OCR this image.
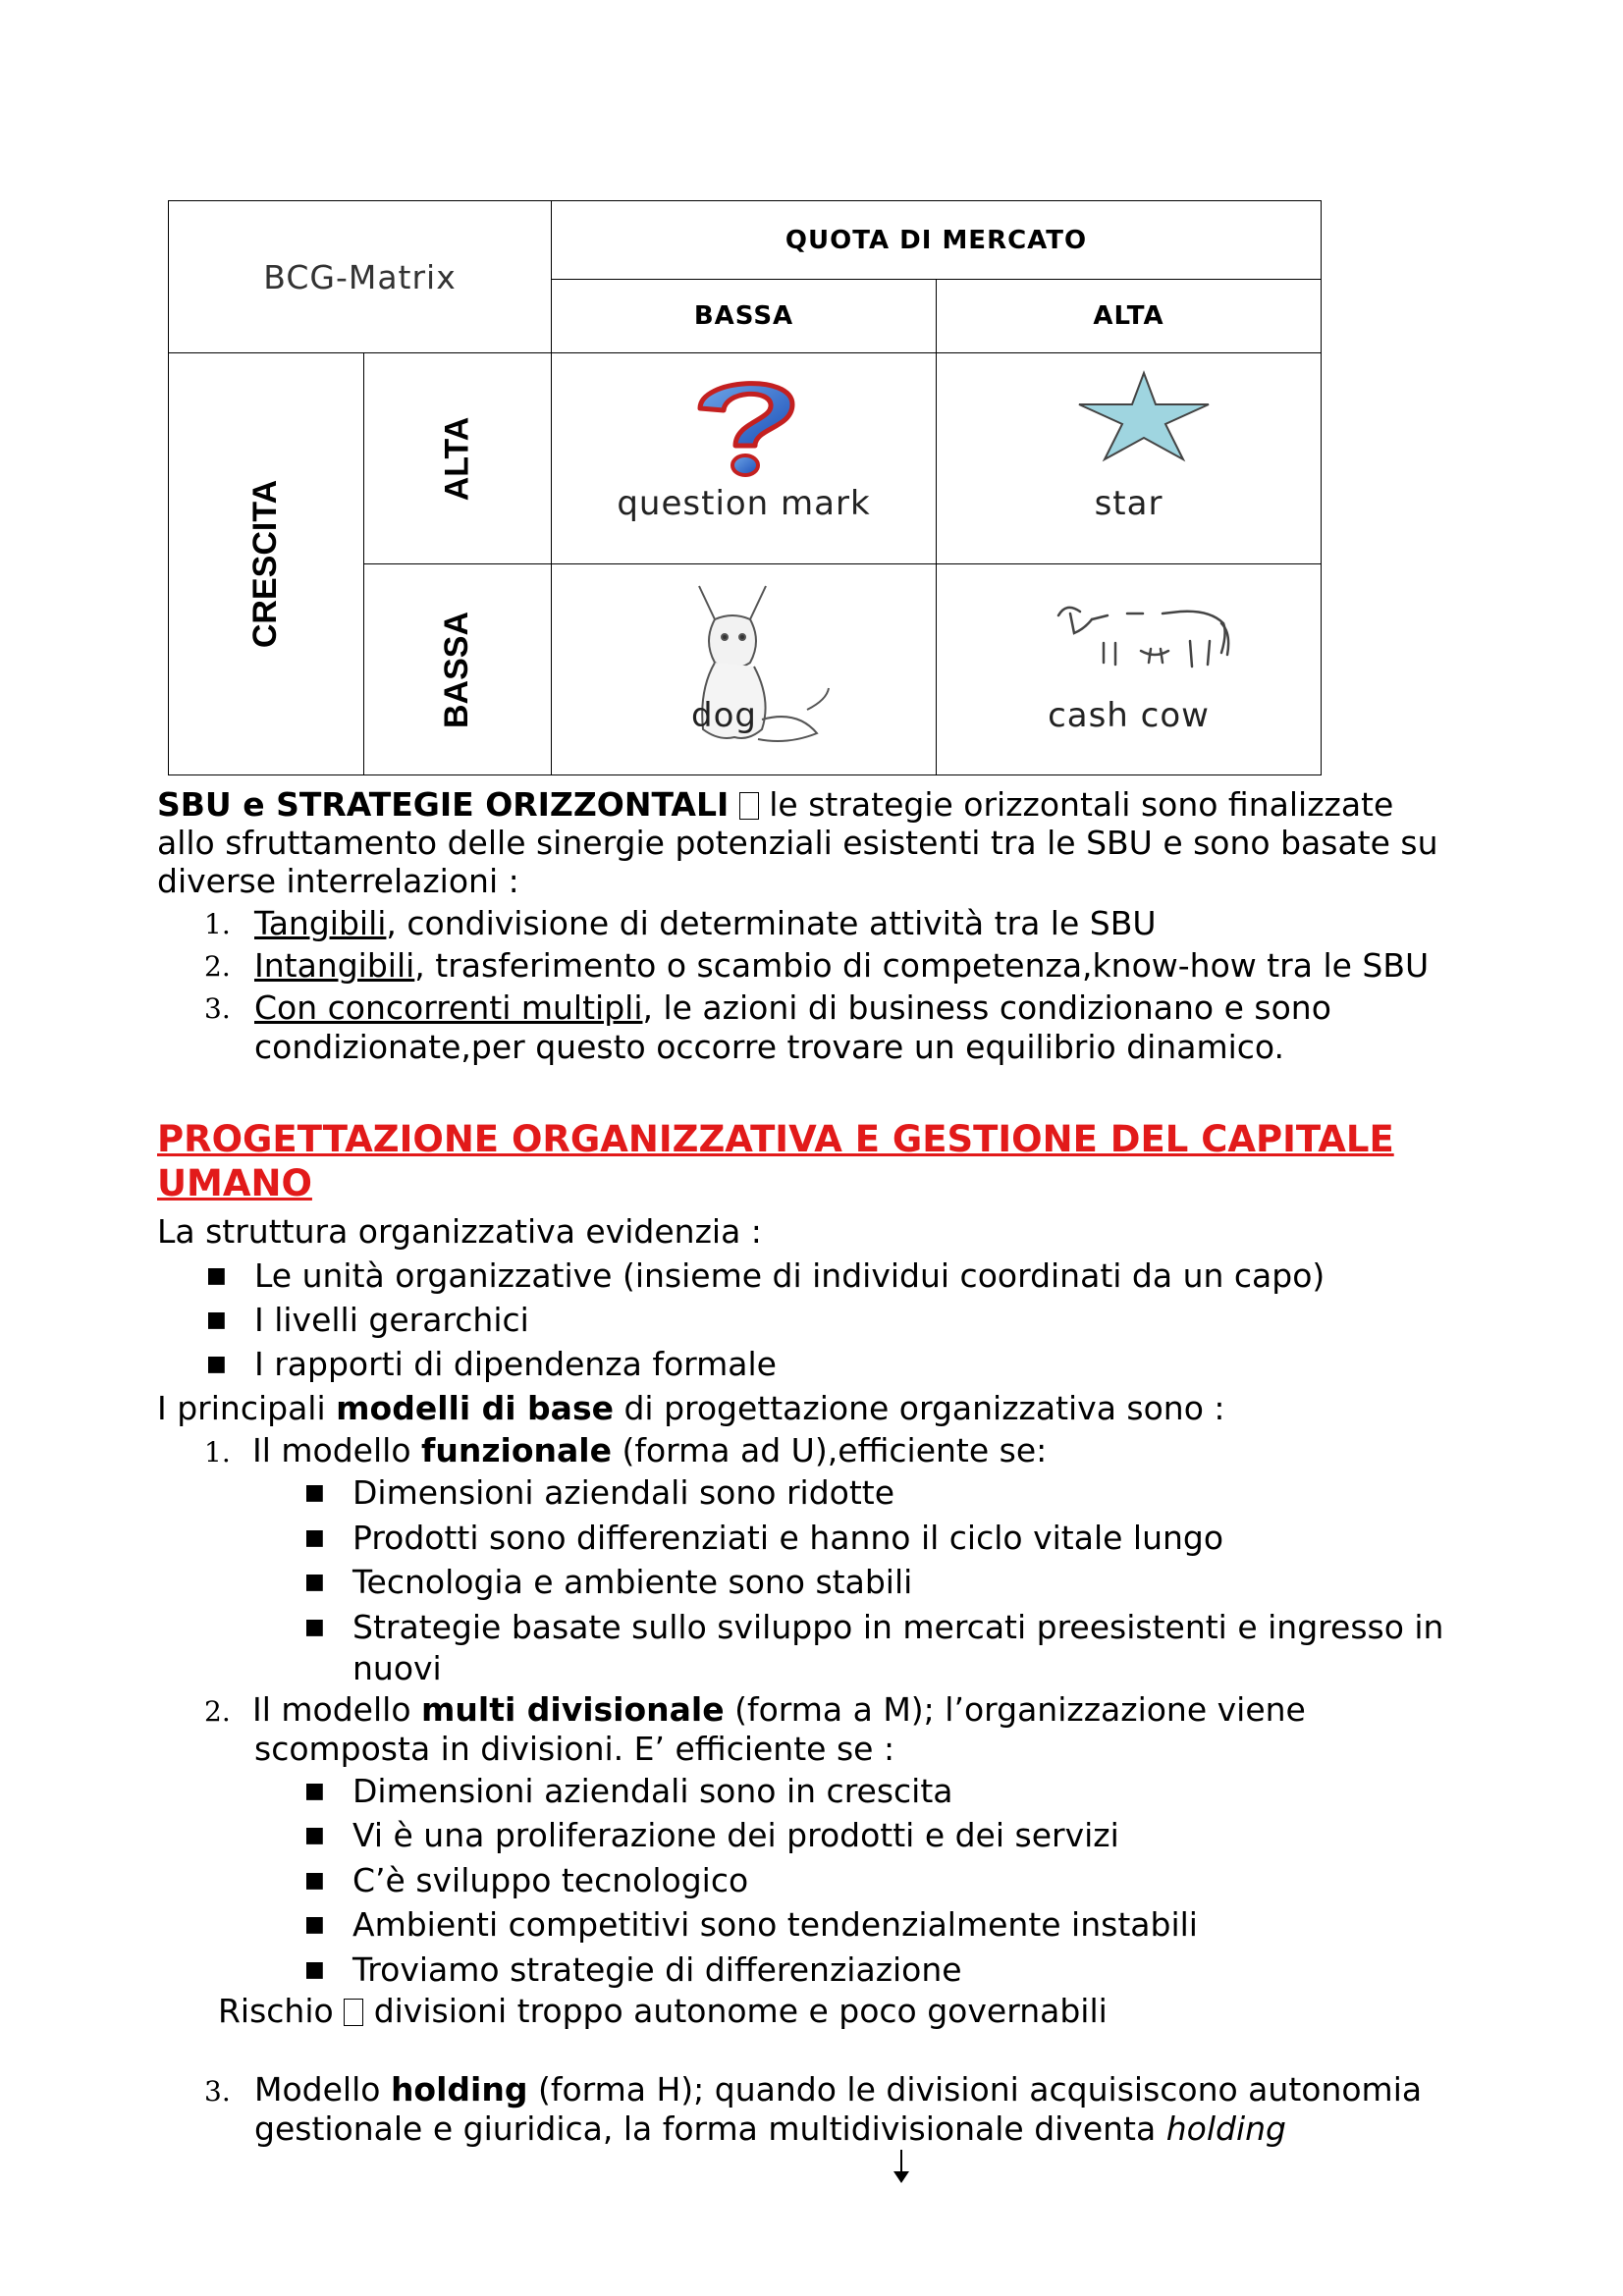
BCG-Matrix		QUOTA DI MERCATO	
		BASSA	ALTA
CRESCITA	ALTA	question mark	star

	BASSA	dog	cash cow
SBU e STRATEGIE ORIZZONTALI  le strategie orizzontali sono finalizzate
allo sfruttamento delle sinergie potenziali esistenti tra le SBU e sono basate su
diverse interrelazioni :
1. Tangibili, condivisione di determinate attività tra le SBU
2. Intangibili, trasferimento o scambio di competenza,know-how tra le SBU
3. Con concorrenti multipli, le azioni di business condizionano e sono
condizionate,per questo occorre trovare un equilibrio dinamico.
PROGETTAZIONE ORGANIZZATIVA E GESTIONE DEL CAPITALE
UMANO
La struttura organizzativa evidenzia :
■ Le unità organizzative (insieme di individui coordinati da un capo)
■ I livelli gerarchici
■ I rapporti di dipendenza formale
I principali modelli di base di progettazione organizzativa sono :
1. Il modello funzionale (forma ad U),efficiente se:
■ Dimensioni aziendali sono ridotte
■ Prodotti sono differenziati e hanno il ciclo vitale lungo
■ Tecnologia e ambiente sono stabili
■ Strategie basate sullo sviluppo in mercati preesistenti e ingresso in
nuovi
2. Il modello multi divisionale (forma a M); l’organizzazione viene
scomposta in divisioni. E’ efficiente se :
■ Dimensioni aziendali sono in crescita
■ Vi è una proliferazione dei prodotti e dei servizi
■ C’è sviluppo tecnologico
■ Ambienti competitivi sono tendenzialmente instabili
■ Troviamo strategie di differenziazione
Rischio  divisioni troppo autonome e poco governabili
3. Modello holding (forma H); quando le divisioni acquisiscono autonomia
gestionale e giuridica, la forma multidivisionale diventa holding
